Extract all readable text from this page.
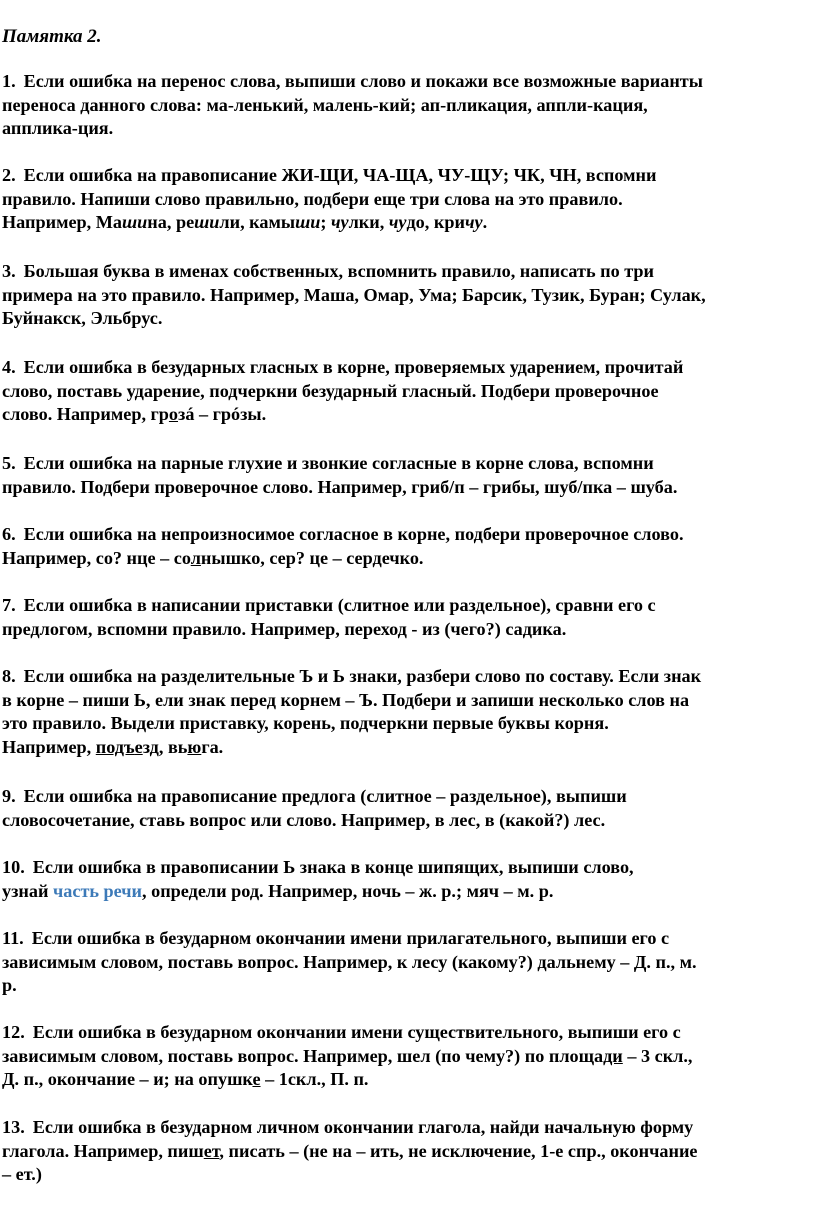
Памятка 2.

1. Если ошибка на перенос слова, выпиши слово и покажи все возможные варианты
переноса данного слова: ма-ленький, малень-кий; ап-пликация, аппли-кация,
апплика-ция.

2. Если ошибка на правописание ЖИ-ЩИ, ЧА-ЩА, ЧУ-ЩУ; ЧК, ЧН, вспомни
правило. Напиши слово правильно, подбери еще три слова на это правило.
Например, Машина, решили, камыши; чулки, чудо, кричу.

3. Большая буква в именах собственных, вспомнить правило, написать по три
примера на это правило. Например, Маша, Омар, Ума; Барсик, Тузик, Буран; Сулак,
Буйнакск, Эльбрус.

4. Если ошибка в безударных гласных в корне, проверяемых ударением, прочитай
слово, поставь ударение, подчеркни безударный гласный. Подбери проверочное
слово. Например, грозá – грóзы.

5. Если ошибка на парные глухие и звонкие согласные в корне слова, вспомни
правило. Подбери проверочное слово. Например, гриб/п – грибы, шуб/пка – шуба.

6. Если ошибка на непроизносимое согласное в корне, подбери проверочное слово.
Например, со? нце – солнышко, сер? це – сердечко.

7. Если ошибка в написании приставки (слитное или раздельное), сравни его с
предлогом, вспомни правило. Например, переход - из (чего?) садика.

8. Если ошибка на разделительные Ъ и Ь знаки, разбери слово по составу. Если знак
в корне – пиши Ь, ели знак перед корнем – Ъ. Подбери и запиши несколько слов на
это правило. Выдели приставку, корень, подчеркни первые буквы корня.
Например, подъезд, вьюга.

9. Если ошибка на правописание предлога (слитное – раздельное), выпиши
словосочетание, ставь вопрос или слово. Например, в лес, в (какой?) лес.

10. Если ошибка в правописании Ь знака в конце шипящих, выпиши слово,
узнай часть речи, определи род. Например, ночь – ж. р.; мяч – м. р.

11. Если ошибка в безударном окончании имени прилагательного, выпиши его с
зависимым словом, поставь вопрос. Например, к лесу (какому?) дальнему – Д. п., м.
р.

12. Если ошибка в безударном окончании имени существительного, выпиши его с
зависимым словом, поставь вопрос. Например, шел (по чему?) по площади – 3 скл.,
Д. п., окончание – и; на опушке – 1скл., П. п.

13. Если ошибка в безударном личном окончании глагола, найди начальную форму
глагола. Например, пишет, писать – (не на – ить, не исключение, 1-е спр., окончание
– ет.)
